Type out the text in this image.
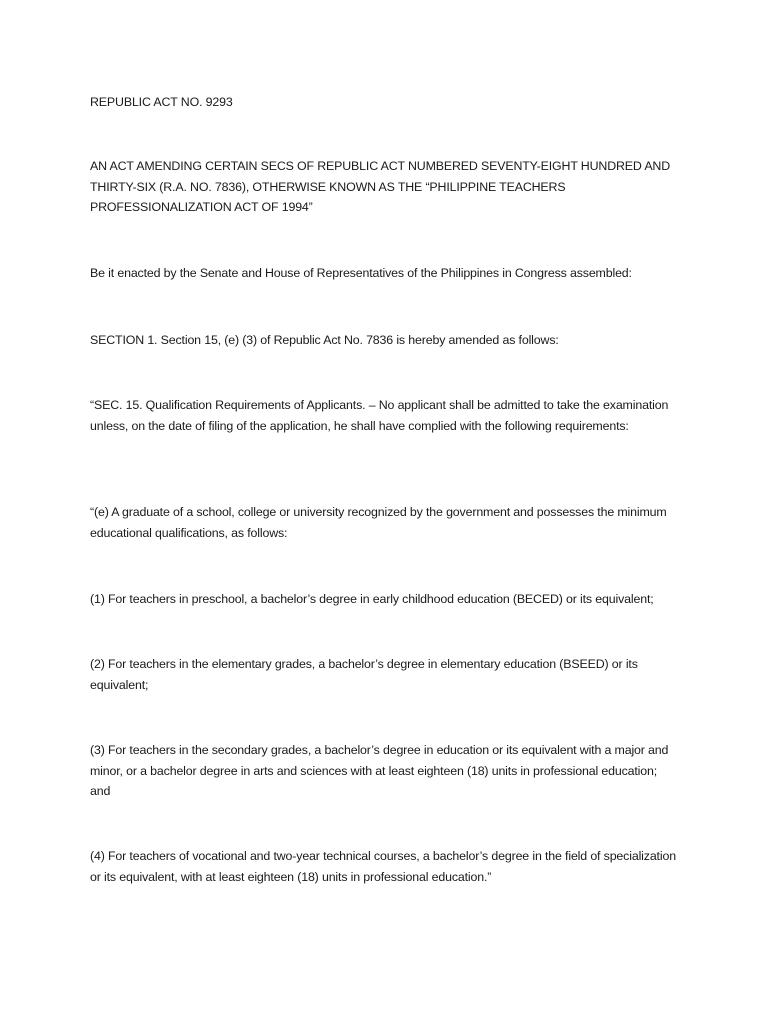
REPUBLIC ACT NO. 9293

AN ACT AMENDING CERTAIN SECS OF REPUBLIC ACT NUMBERED SEVENTY-EIGHT HUNDRED AND THIRTY-SIX (R.A. NO. 7836), OTHERWISE KNOWN AS THE “PHILIPPINE TEACHERS PROFESSIONALIZATION ACT OF 1994”

Be it enacted by the Senate and House of Representatives of the Philippines in Congress assembled:

SECTION 1. Section 15, (e) (3) of Republic Act No. 7836 is hereby amended as follows:

“SEC. 15. Qualification Requirements of Applicants. – No applicant shall be admitted to take the examination unless, on the date of filing of the application, he shall have complied with the following requirements:

“(e) A graduate of a school, college or university recognized by the government and possesses the minimum educational qualifications, as follows:

(1) For teachers in preschool, a bachelor’s degree in early childhood education (BECED) or its equivalent;

(2) For teachers in the elementary grades, a bachelor’s degree in elementary education (BSEED) or its equivalent;

(3) For teachers in the secondary grades, a bachelor’s degree in education or its equivalent with a major and minor, or a bachelor degree in arts and sciences with at least eighteen (18) units in professional education; and

(4) For teachers of vocational and two-year technical courses, a bachelor’s degree in the field of specialization or its equivalent, with at least eighteen (18) units in professional education.”
